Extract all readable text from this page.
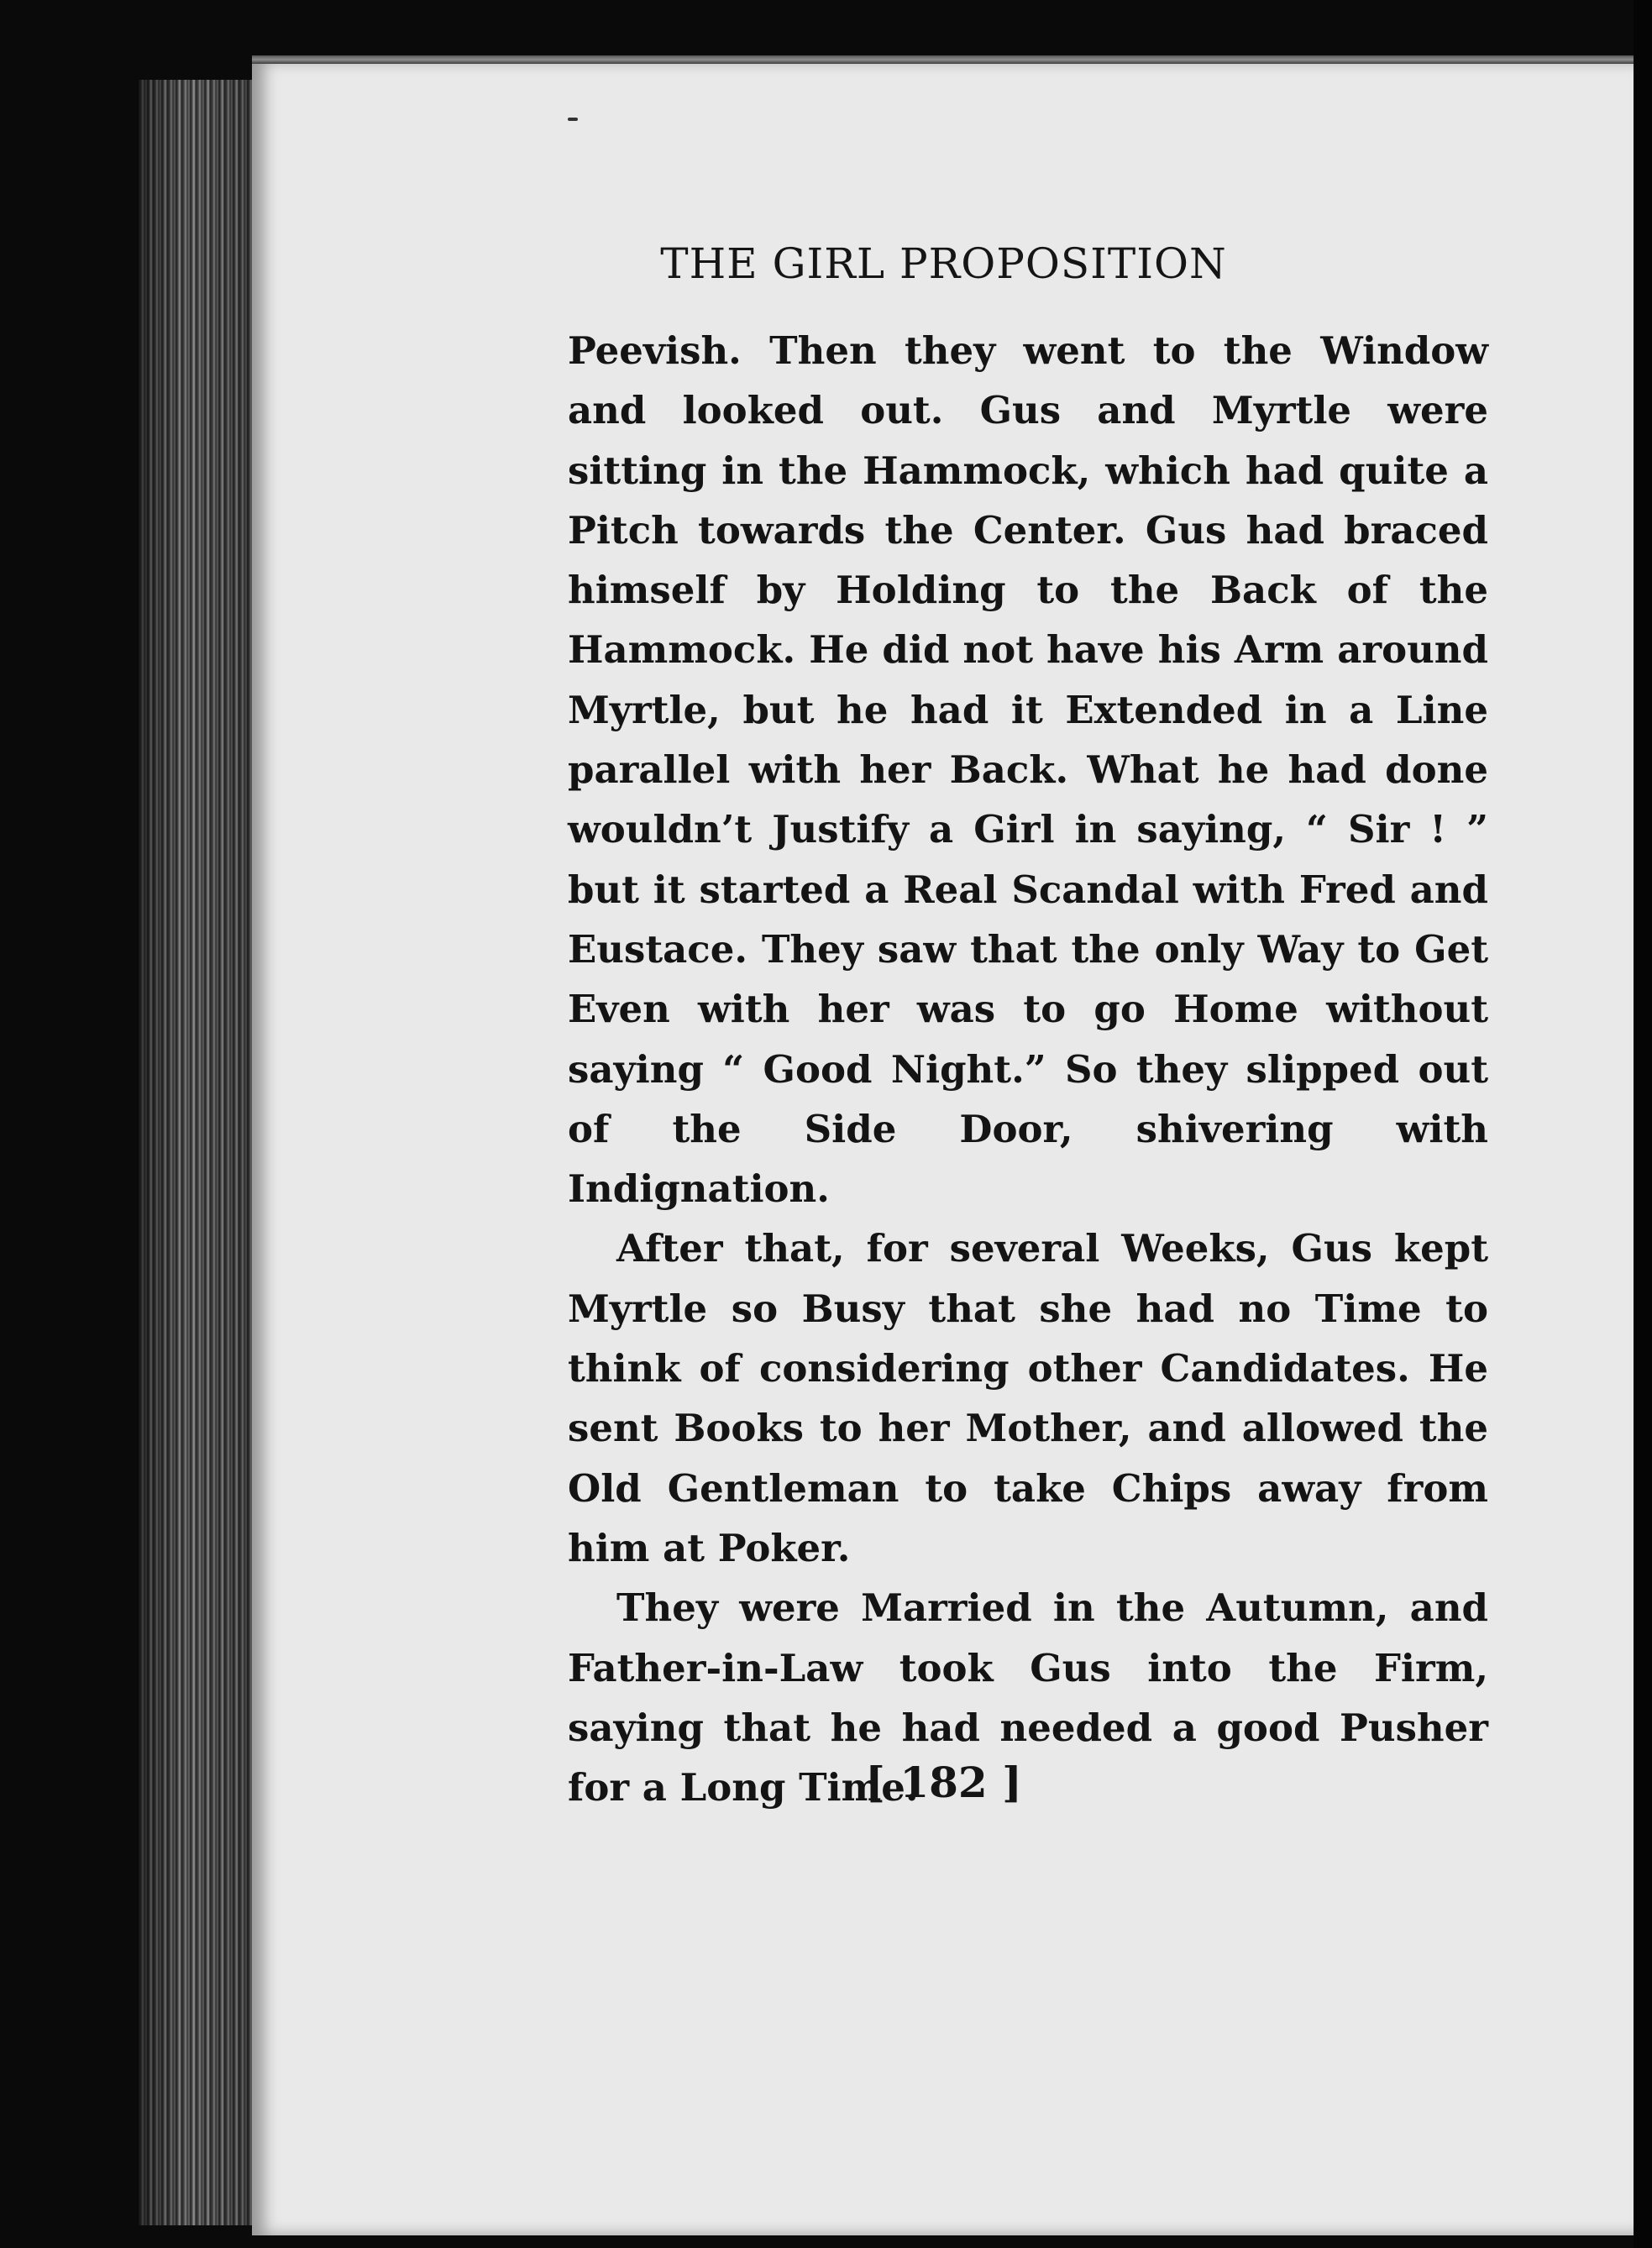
THE GIRL PROPOSITION

Peevish. Then they went to the Window and looked out. Gus and Myrtle were sitting in the Hammock, which had quite a Pitch towards the Center. Gus had braced himself by Holding to the Back of the Hammock. He did not have his Arm around Myrtle, but he had it Extended in a Line parallel with her Back. What he had done wouldn’t Justify a Girl in saying, “ Sir ! ” but it started a Real Scandal with Fred and Eustace. They saw that the only Way to Get Even with her was to go Home without saying “ Good Night.” So they slipped out of the Side Door, shivering with Indignation.

After that, for several Weeks, Gus kept Myrtle so Busy that she had no Time to think of considering other Candidates. He sent Books to her Mother, and allowed the Old Gentleman to take Chips away from him at Poker.

They were Married in the Autumn, and Father-in-Law took Gus into the Firm, saying that he had needed a good Pusher for a Long Time.

[ 182 ]
